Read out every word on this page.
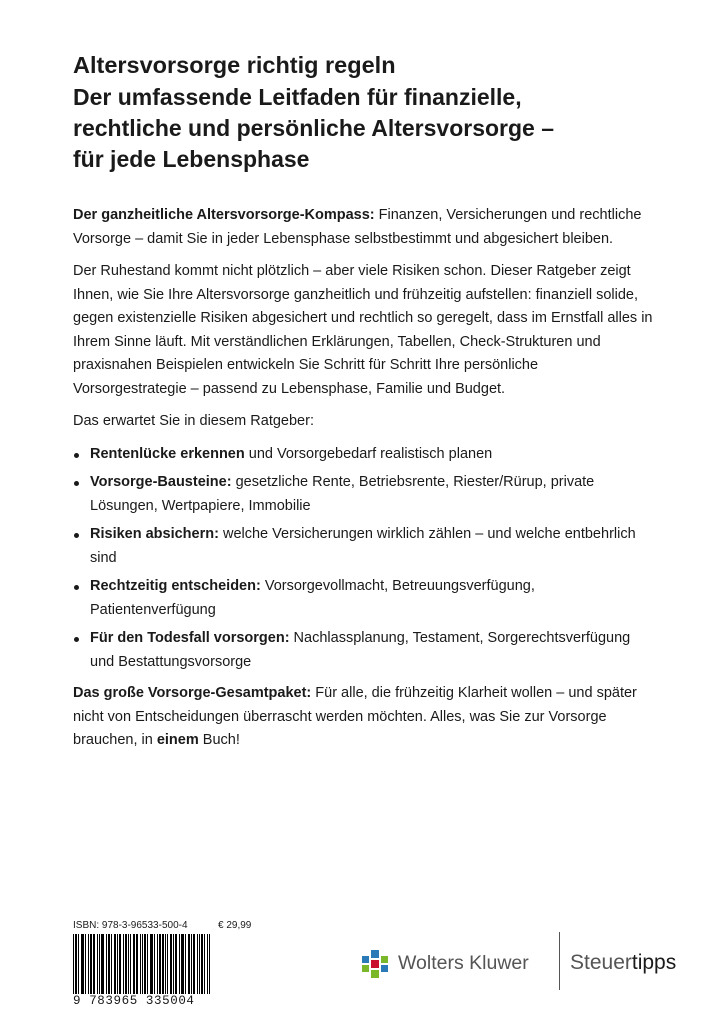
Altersvorsorge richtig regeln
Der umfassende Leitfaden für finanzielle,
rechtliche und persönliche Altersvorsorge –
für jede Lebensphase

Der ganzheitliche Altersvorsorge-Kompass: Finanzen, Versicherungen und rechtliche Vorsorge – damit Sie in jeder Lebensphase selbstbestimmt und abgesichert bleiben.

Der Ruhestand kommt nicht plötzlich – aber viele Risiken schon. Dieser Ratgeber zeigt Ihnen, wie Sie Ihre Altersvorsorge ganzheitlich und frühzeitig aufstellen: finanziell solide, gegen existenzielle Risiken abgesichert und rechtlich so geregelt, dass im Ernstfall alles in Ihrem Sinne läuft. Mit verständlichen Erklärungen, Tabellen, Check-Strukturen und praxisnahen Beispielen entwickeln Sie Schritt für Schritt Ihre persönliche Vorsorgestrategie – passend zu Lebensphase, Familie und Budget.

Das erwartet Sie in diesem Ratgeber:

Rentenlücke erkennen und Vorsorgebedarf realistisch planen
Vorsorge-Bausteine: gesetzliche Rente, Betriebsrente, Riester/Rürup, private Lösungen, Wertpapiere, Immobilie
Risiken absichern: welche Versicherungen wirklich zählen – und welche entbehrlich sind
Rechtzeitig entscheiden: Vorsorgevollmacht, Betreuungsverfügung, Patientenverfügung
Für den Todesfall vorsorgen: Nachlassplanung, Testament, Sorgerechtsverfügung und Bestattungsvorsorge

Das große Vorsorge-Gesamtpaket: Für alle, die frühzeitig Klarheit wollen – und später nicht von Entscheidungen überrascht werden möchten. Alles, was Sie zur Vorsorge brauchen, in einem Buch!

ISBN: 978-3-96533-500-4	€ 29,99
9 783965 335004
Wolters Kluwer Steuertipps
